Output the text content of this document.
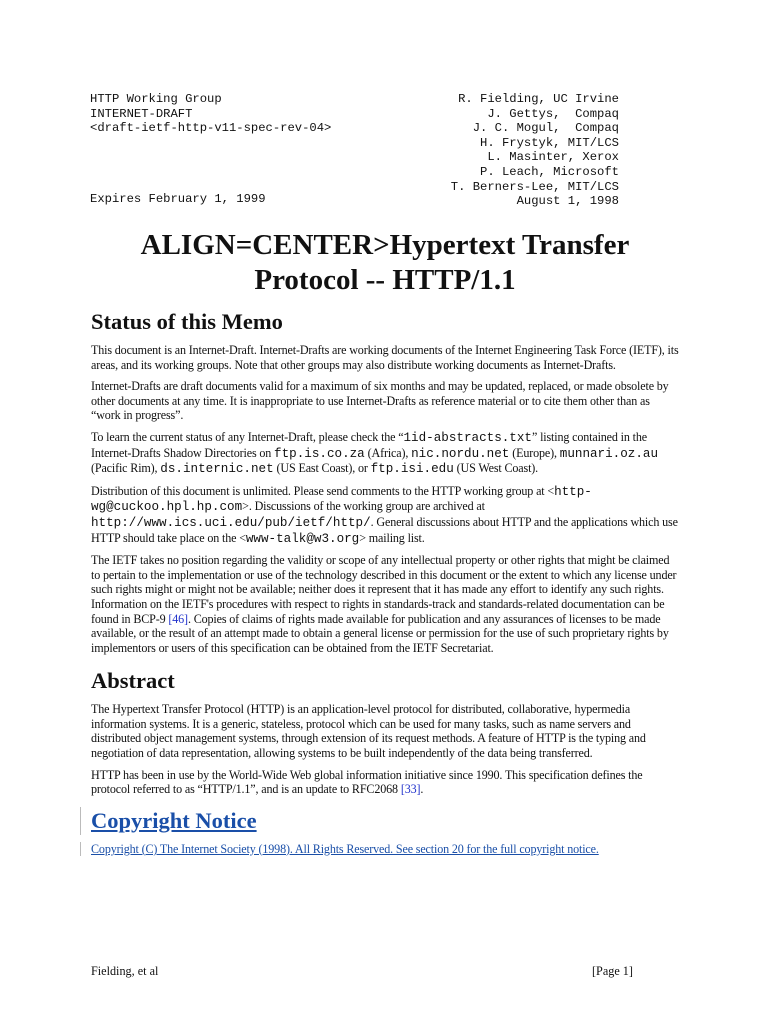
HTTP Working Group
INTERNET-DRAFT
<draft-ietf-http-v11-spec-rev-04>
Expires February 1, 1999
R. Fielding, UC Irvine
J. Gettys,  Compaq
J. C. Mogul,  Compaq
H. Frystyk, MIT/LCS
L. Masinter, Xerox
P. Leach, Microsoft
T. Berners-Lee, MIT/LCS
August 1, 1998
ALIGN=CENTER>Hypertext Transfer
Protocol -- HTTP/1.1
Status of this Memo

This document is an Internet-Draft. Internet-Drafts are working documents of the Internet Engineering Task Force (IETF), its areas, and its working groups. Note that other groups may also distribute working documents as Internet-Drafts.

Internet-Drafts are draft documents valid for a maximum of six months and may be updated, replaced, or made obsolete by other documents at any time. It is inappropriate to use Internet-Drafts as reference material or to cite them other than as “work in progress”.

To learn the current status of any Internet-Draft, please check the “1id-abstracts.txt” listing contained in the Internet-Drafts Shadow Directories on ftp.is.co.za (Africa), nic.nordu.net (Europe), munnari.oz.au (Pacific Rim), ds.internic.net (US East Coast), or ftp.isi.edu (US West Coast).

Distribution of this document is unlimited. Please send comments to the HTTP working group at <http-wg@cuckoo.hpl.hp.com>. Discussions of the working group are archived at http://www.ics.uci.edu/pub/ietf/http/. General discussions about HTTP and the applications which use HTTP should take place on the <www-talk@w3.org> mailing list.

The IETF takes no position regarding the validity or scope of any intellectual property or other rights that might be claimed to pertain to the implementation or use of the technology described in this document or the extent to which any license under such rights might or might not be available; neither does it represent that it has made any effort to identify any such rights. Information on the IETF's procedures with respect to rights in standards-track and standards-related documentation can be found in BCP-9 [46]. Copies of claims of rights made available for publication and any assurances of licenses to be made available, or the result of an attempt made to obtain a general license or permission for the use of such proprietary rights by implementors or users of this specification can be obtained from the IETF Secretariat.

Abstract

The Hypertext Transfer Protocol (HTTP) is an application-level protocol for distributed, collaborative, hypermedia information systems. It is a generic, stateless, protocol which can be used for many tasks, such as name servers and distributed object management systems, through extension of its request methods. A feature of HTTP is the typing and negotiation of data representation, allowing systems to be built independently of the data being transferred.

HTTP has been in use by the World-Wide Web global information initiative since 1990. This specification defines the protocol referred to as “HTTP/1.1”, and is an update to RFC2068 [33].

Copyright Notice

Copyright (C) The Internet Society (1998). All Rights Reserved. See section 20 for the full copyright notice.

Fielding, et al	[Page 1]
